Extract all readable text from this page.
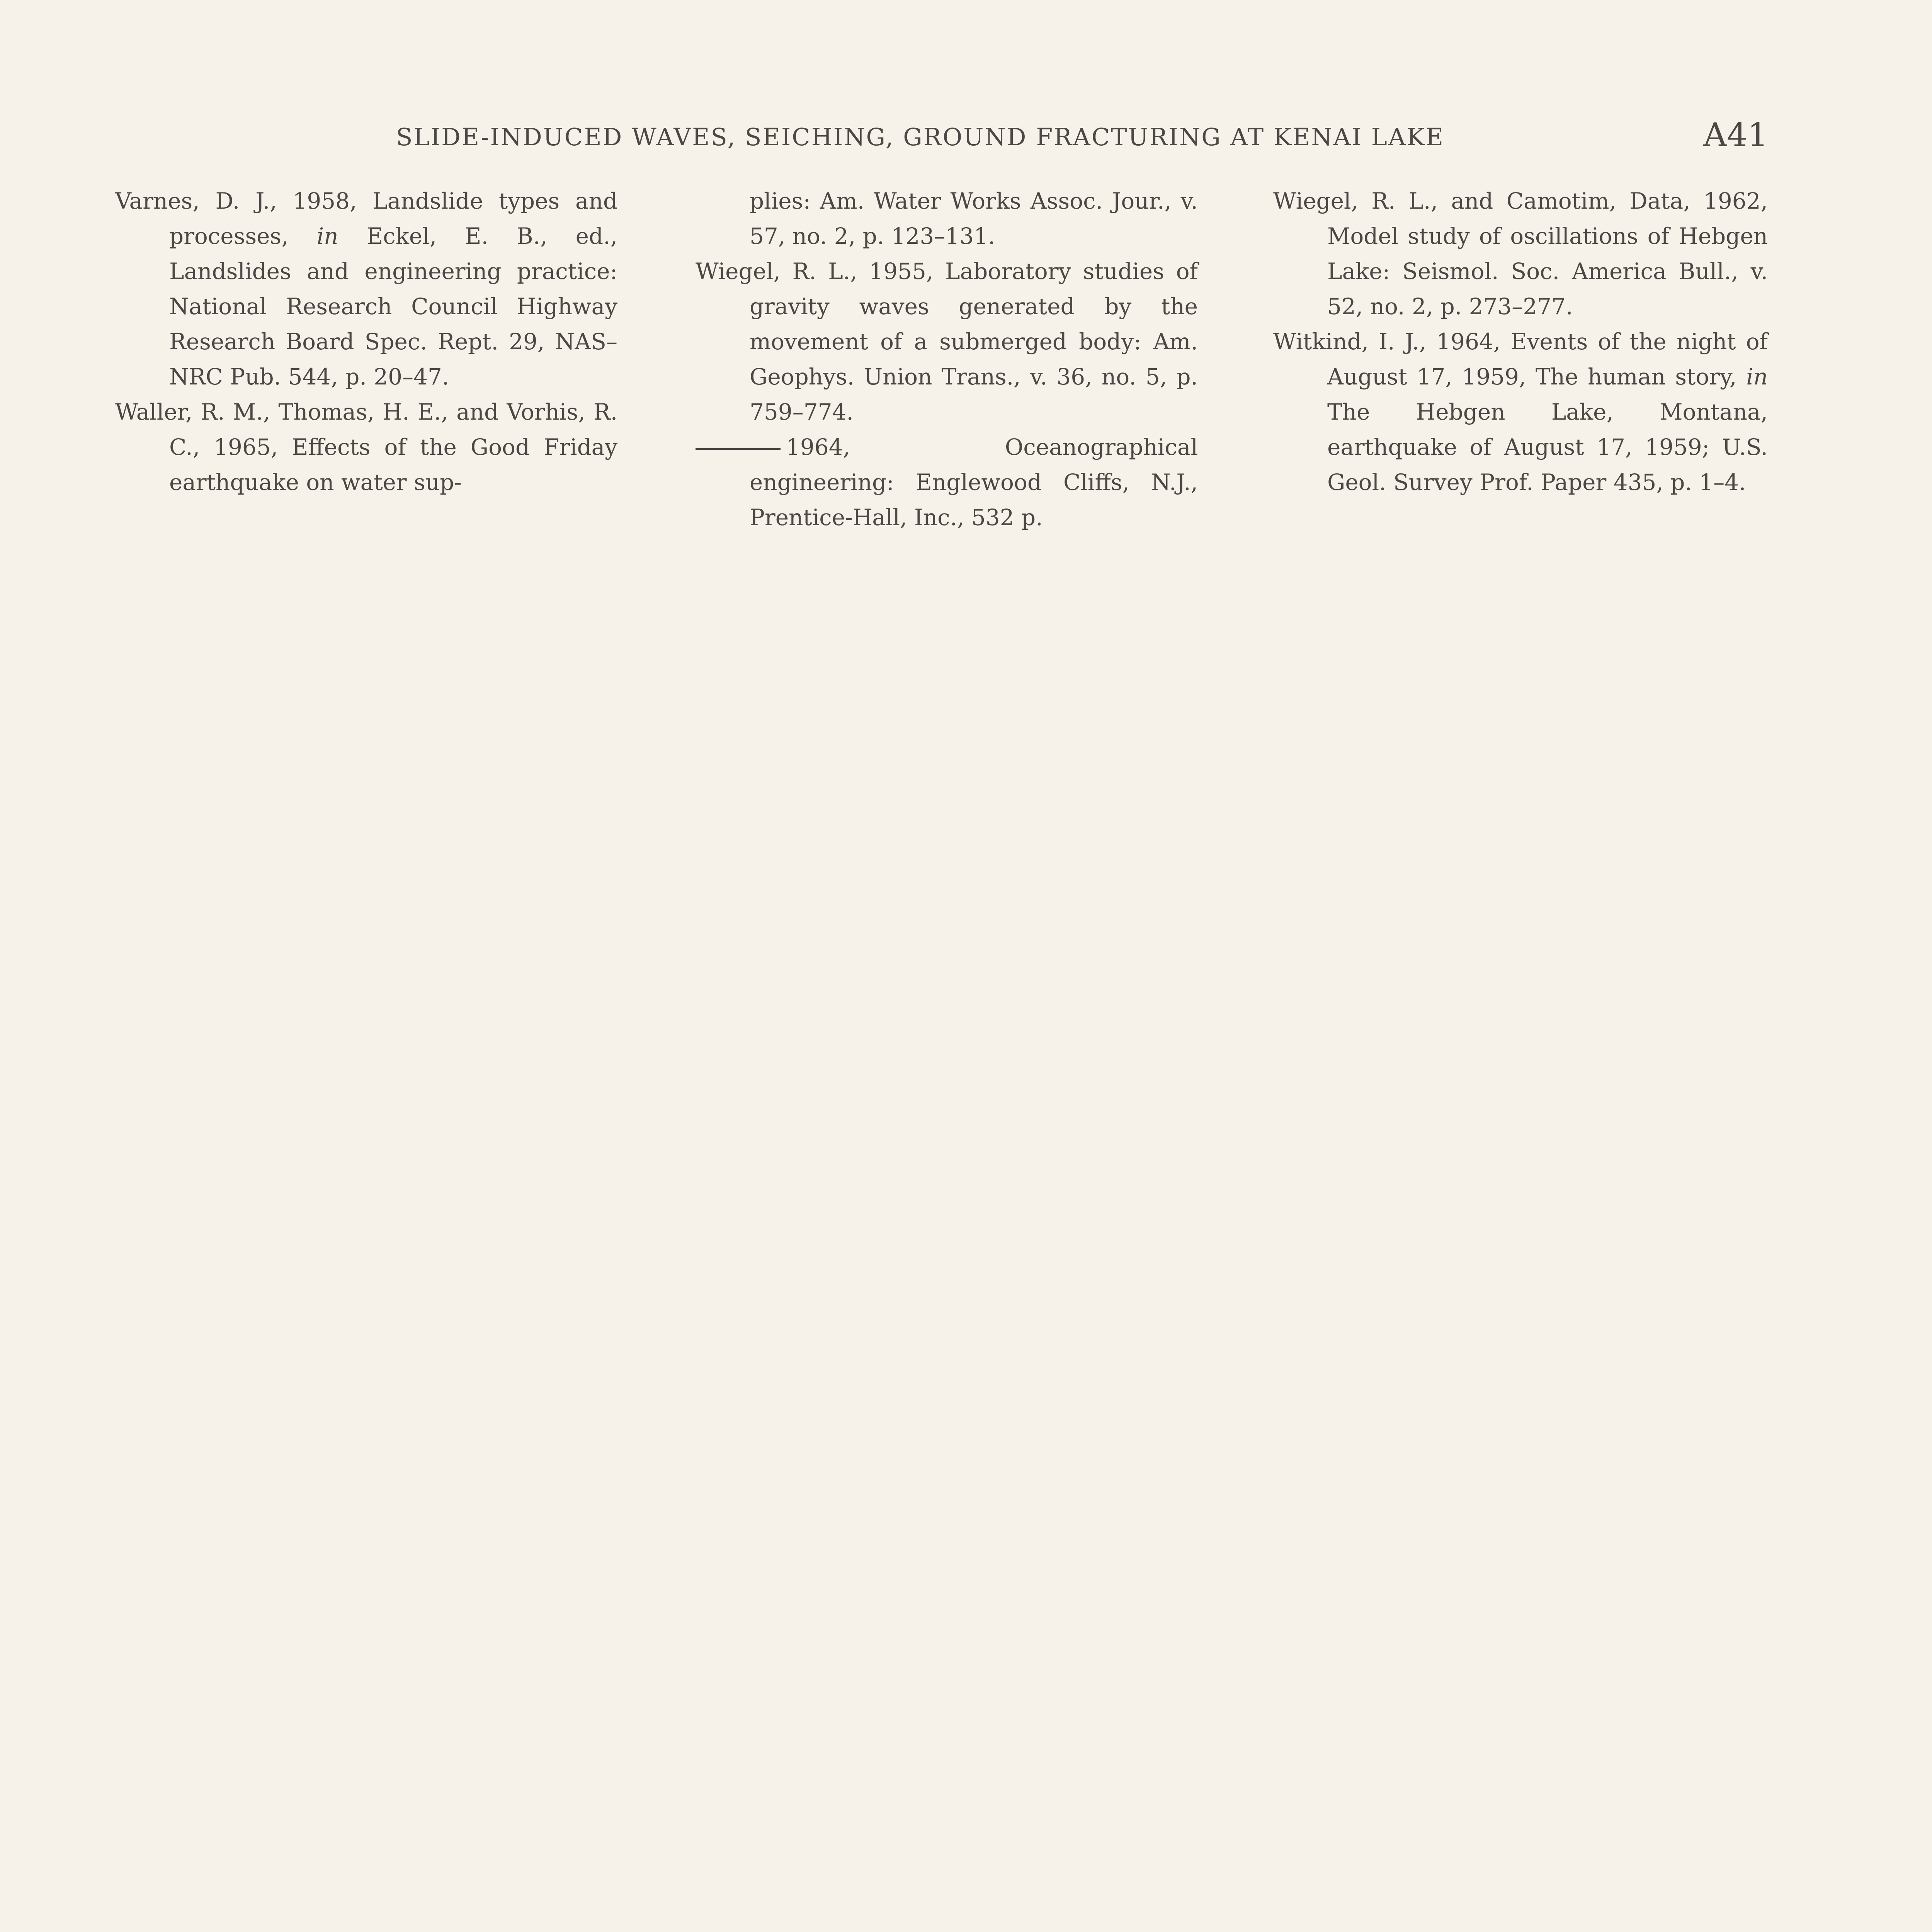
SLIDE-INDUCED WAVES, SEICHING, GROUND FRACTURING AT KENAI LAKE	A41

Varnes, D. J., 1958, Landslide types and processes, in Eckel, E. B., ed., Landslides and engineering practice: National Research Council Highway Research Board Spec. Rept. 29, NAS–NRC Pub. 544, p. 20–47.

Waller, R. M., Thomas, H. E., and Vorhis, R. C., 1965, Effects of the Good Friday earthquake on water sup-

plies: Am. Water Works Assoc. Jour., v. 57, no. 2, p. 123–131.

Wiegel, R. L., 1955, Laboratory studies of gravity waves generated by the movement of a submerged body: Am. Geophys. Union Trans., v. 36, no. 5, p. 759–774.

1964, Oceanographical engineering: Englewood Cliffs, N.J., Prentice-Hall, Inc., 532 p.

Wiegel, R. L., and Camotim, Data, 1962, Model study of oscillations of Hebgen Lake: Seismol. Soc. America Bull., v. 52, no. 2, p. 273–277.

Witkind, I. J., 1964, Events of the night of August 17, 1959, The human story, in The Hebgen Lake, Montana, earthquake of August 17, 1959; U.S. Geol. Survey Prof. Paper 435, p. 1–4.
